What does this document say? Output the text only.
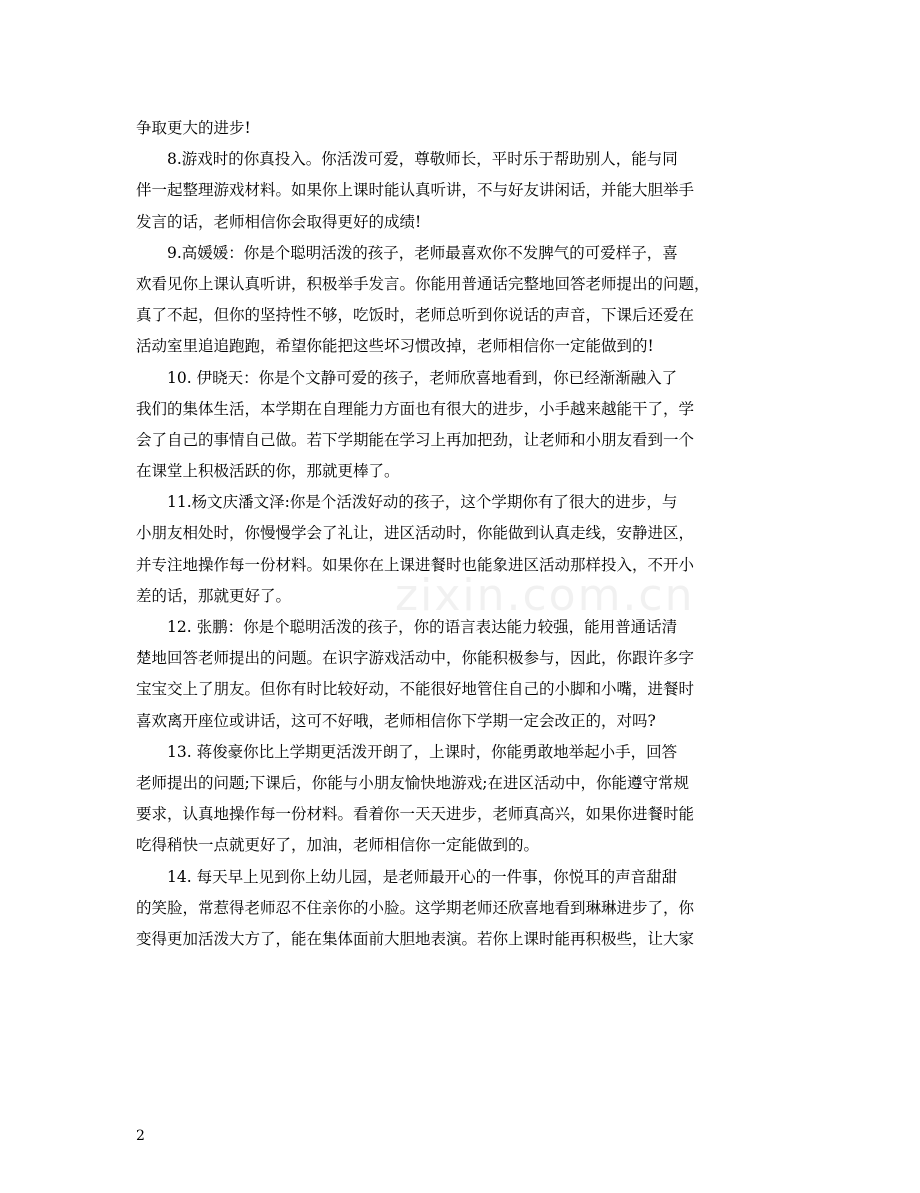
zixin.com.cn

争取更大的进步!

　　8.游戏时的你真投入。你活泼可爱，尊敬师长，平时乐于帮助别人，能与同
伴一起整理游戏材料。如果你上课时能认真听讲，不与好友讲闲话，并能大胆举手
发言的话，老师相信你会取得更好的成绩!

　　9.高媛媛：你是个聪明活泼的孩子，老师最喜欢你不发脾气的可爱样子，喜
欢看见你上课认真听讲，积极举手发言。你能用普通话完整地回答老师提出的问题，
真了不起，但你的坚持性不够，吃饭时，老师总听到你说话的声音，下课后还爱在
活动室里追追跑跑，希望你能把这些坏习惯改掉，老师相信你一定能做到的!

　　10. 伊晓天：你是个文静可爱的孩子，老师欣喜地看到，你已经渐渐融入了
我们的集体生活，本学期在自理能力方面也有很大的进步，小手越来越能干了，学
会了自己的事情自己做。若下学期能在学习上再加把劲，让老师和小朋友看到一个
在课堂上积极活跃的你，那就更棒了。

　　11.杨文庆潘文泽:你是个活泼好动的孩子，这个学期你有了很大的进步，与
小朋友相处时，你慢慢学会了礼让，进区活动时，你能做到认真走线，安静进区，
并专注地操作每一份材料。如果你在上课进餐时也能象进区活动那样投入，不开小
差的话，那就更好了。

　　12. 张鹏：你是个聪明活泼的孩子，你的语言表达能力较强，能用普通话清
楚地回答老师提出的问题。在识字游戏活动中，你能积极参与，因此，你跟许多字
宝宝交上了朋友。但你有时比较好动，不能很好地管住自己的小脚和小嘴，进餐时
喜欢离开座位或讲话，这可不好哦，老师相信你下学期一定会改正的，对吗?

　　13. 蒋俊豪你比上学期更活泼开朗了，上课时，你能勇敢地举起小手，回答
老师提出的问题;下课后，你能与小朋友愉快地游戏;在进区活动中，你能遵守常规
要求，认真地操作每一份材料。看着你一天天进步，老师真高兴，如果你进餐时能
吃得稍快一点就更好了，加油，老师相信你一定能做到的。

　　14. 每天早上见到你上幼儿园，是老师最开心的一件事，你悦耳的声音甜甜
的笑脸，常惹得老师忍不住亲你的小脸。这学期老师还欣喜地看到琳琳进步了，你
变得更加活泼大方了，能在集体面前大胆地表演。若你上课时能再积极些，让大家

2
